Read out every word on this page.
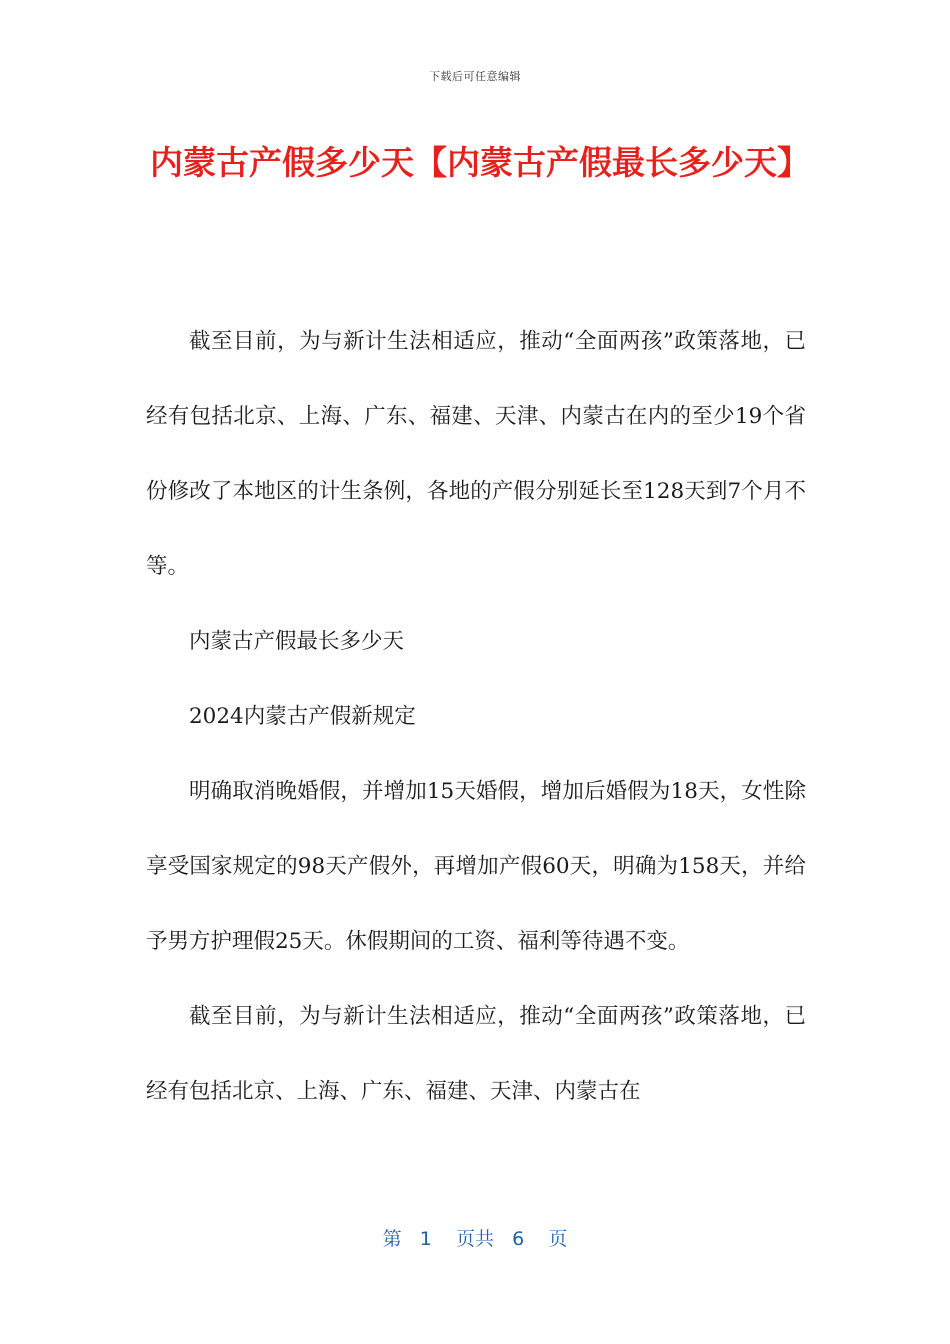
下载后可任意编辑
内蒙古产假多少天【内蒙古产假最长多少天】

截至目前，为与新计生法相适应，推动“全面两孩”政策落地，已经有包括北京、上海、广东、福建、天津、内蒙古在内的至少19个省份修改了本地区的计生条例，各地的产假分别延长至128天到7个月不等。

内蒙古产假最长多少天

2024内蒙古产假新规定

明确取消晚婚假，并增加15天婚假，增加后婚假为18天，女性除享受国家规定的98天产假外，再增加产假60天，明确为158天，并给予男方护理假25天。休假期间的工资、福利等待遇不变。

截至目前，为与新计生法相适应，推动“全面两孩”政策落地，已经有包括北京、上海、广东、福建、天津、内蒙古在

第 1 页共 6 页
